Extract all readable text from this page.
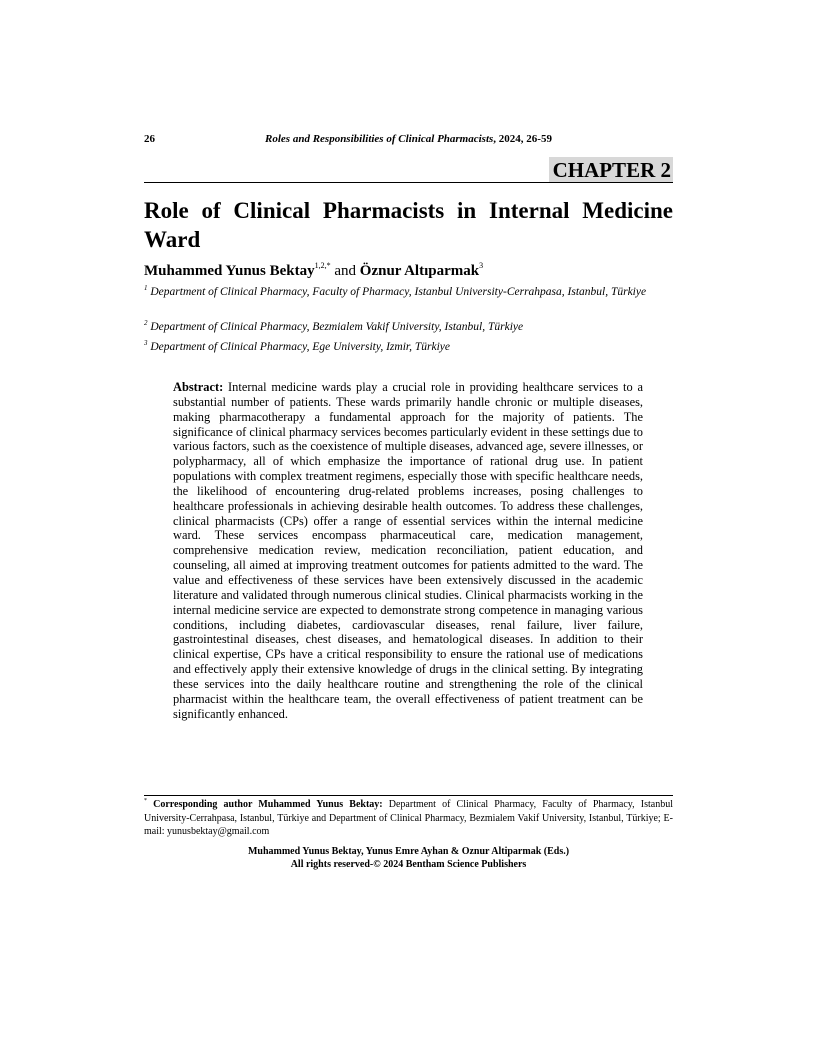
26	Roles and Responsibilities of Clinical Pharmacists, 2024, 26-59
CHAPTER 2
Role of Clinical Pharmacists in Internal Medicine Ward
Muhammed Yunus Bektay$^{1,2,*}$ and Öznur Altıparmak$^3$
$^1$ Department of Clinical Pharmacy, Faculty of Pharmacy, Istanbul University-Cerrahpasa, Istanbul, Türkiye
$^2$ Department of Clinical Pharmacy, Bezmialem Vakif University, Istanbul, Türkiye
$^3$ Department of Clinical Pharmacy, Ege University, Izmir, Türkiye
Abstract: Internal medicine wards play a crucial role in providing healthcare services to a substantial number of patients. These wards primarily handle chronic or multiple diseases, making pharmacotherapy a fundamental approach for the majority of patients. The significance of clinical pharmacy services becomes particularly evident in these settings due to various factors, such as the coexistence of multiple diseases, advanced age, severe illnesses, or polypharmacy, all of which emphasize the importance of rational drug use. In patient populations with complex treatment regimens, especially those with specific healthcare needs, the likelihood of encountering drug-related problems increases, posing challenges to healthcare professionals in achieving desirable health outcomes. To address these challenges, clinical pharmacists (CPs) offer a range of essential services within the internal medicine ward. These services encompass pharmaceutical care, medication management, comprehensive medication review, medication reconciliation, patient education, and counseling, all aimed at improving treatment outcomes for patients admitted to the ward. The value and effectiveness of these services have been extensively discussed in the academic literature and validated through numerous clinical studies. Clinical pharmacists working in the internal medicine service are expected to demonstrate strong competence in managing various conditions, including diabetes, cardiovascular diseases, renal failure, liver failure, gastrointestinal diseases, chest diseases, and hematological diseases. In addition to their clinical expertise, CPs have a critical responsibility to ensure the rational use of medications and effectively apply their extensive knowledge of drugs in the clinical setting. By integrating these services into the daily healthcare routine and strengthening the role of the clinical pharmacist within the healthcare team, the overall effectiveness of patient treatment can be significantly enhanced.
* Corresponding author Muhammed Yunus Bektay: Department of Clinical Pharmacy, Faculty of Pharmacy, Istanbul University-Cerrahpasa, Istanbul, Türkiye and Department of Clinical Pharmacy, Bezmialem Vakif University, Istanbul, Türkiye; E-mail: yunusbektay@gmail.com
Muhammed Yunus Bektay, Yunus Emre Ayhan & Oznur Altiparmak (Eds.)
All rights reserved-© 2024 Bentham Science Publishers
